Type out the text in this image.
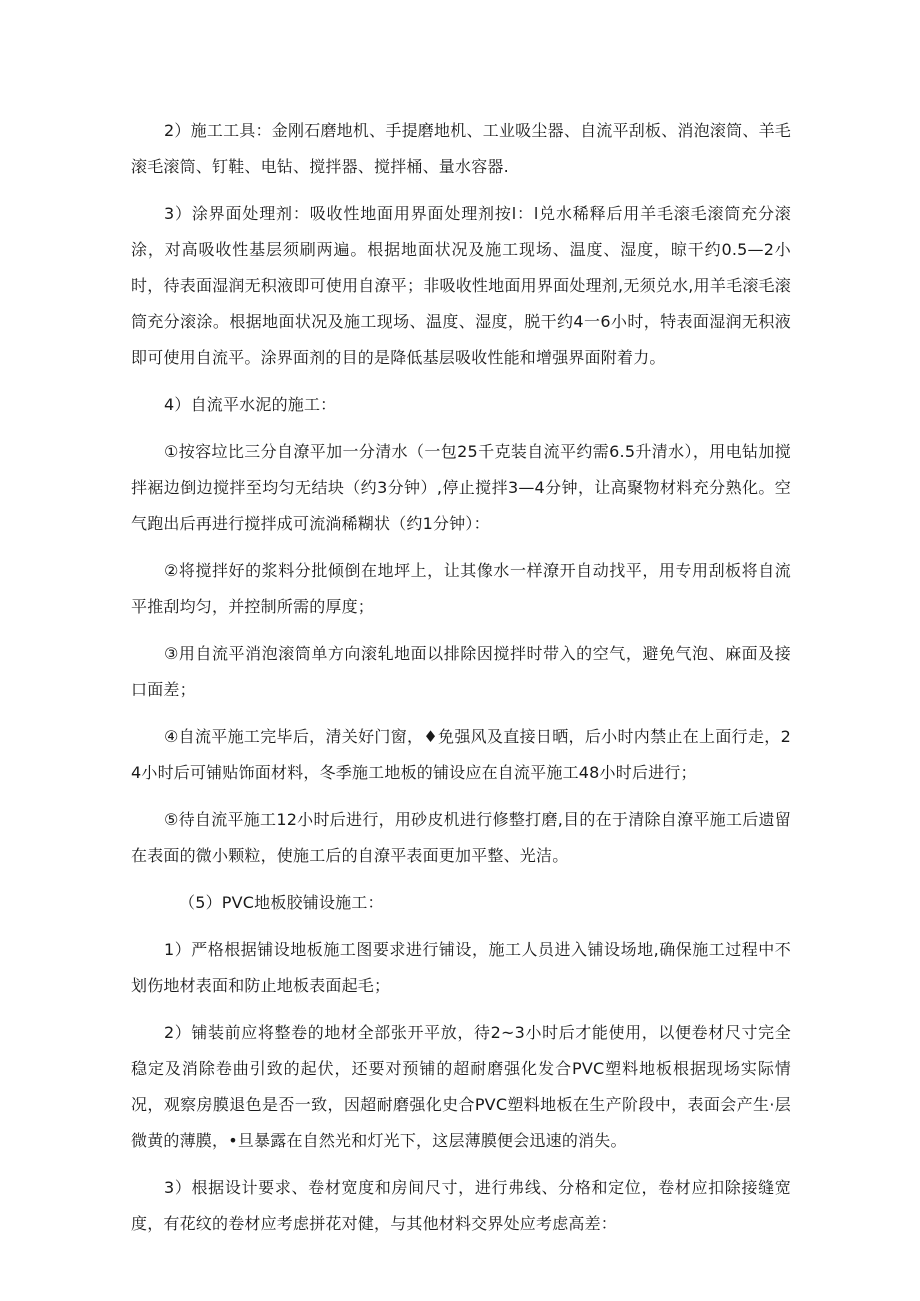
2）施工工具：金刚石磨地机、手提磨地机、工业吸尘器、自流平刮板、消泡滚筒、羊毛滚毛滚筒、钉鞋、电钻、搅拌器、搅拌桶、量水容器.

3）涂界面处理剂：吸收性地面用界面处理剂按l：l兑水稀释后用羊毛滚毛滚筒充分滚涂，对高吸收性基层须刷两遍。根据地面状况及施工现场、温度、湿度，晾干约0.5—2小时，待表面湿润无积液即可使用自潦平；非吸收性地面用界面处理剂,无须兑水,用羊毛滚毛滚筒充分滚涂。根据地面状况及施工现场、温度、湿度，脱干约4一6小时，特表面湿润无积液即可使用自流平。涂界面剂的目的是降低基层吸收性能和增强界面附着力。

4）自流平水泥的施工：

①按容垃比三分自潦平加一分清水（一包25千克装自流平约需6.5升清水），用电钻加搅拌裾边倒边搅拌至均匀无结块（约3分钟）,停止搅拌3—4分钟，让高聚物材料充分熟化。空气跑出后再进行搅拌成可流淌稀糊状（约1分钟）：

②将搅拌好的浆料分批倾倒在地坪上，让其像水一样潦开自动找平，用专用刮板将自流平推刮均匀，并控制所需的厚度；

③用自流平消泡滚筒单方向滚轧地面以排除因搅拌时带入的空气，避免气泡、麻面及接口面差；

④自流平施工完毕后，清关好门窗，♦免强风及直接日晒，后小时内禁止在上面行走，24小时后可铺贴饰面材料，冬季施工地板的铺设应在自流平施工48小时后进行；

⑤待自流平施工12小时后进行，用砂皮机进行修整打磨,目的在于清除自潦平施工后遗留在表面的微小颗粒，使施工后的自潦平表面更加平整、光洁。

（5）PVC地板胶铺设施工：

1）严格根据铺设地板施工图要求进行铺设，施工人员进入铺设场地,确保施工过程中不划伤地材表面和防止地板表面起毛；

2）铺装前应将整卷的地材全部张开平放，待2~3小时后才能使用，以便卷材尺寸完全稳定及消除卷曲引致的起伏，还要对预铺的超耐磨强化发合PVC塑料地板根据现场实际情况，观察房膜退色是否一致，因超耐磨强化史合PVC塑料地板在生产阶段中，表面会产生·层微黄的薄膜，•旦暴露在自然光和灯光下，这层薄膜便会迅速的消失。

3）根据设计要求、卷材宽度和房间尺寸，进行弗线、分格和定位，卷材应扣除接缝宽度，有花纹的卷材应考虑拼花对健，与其他材料交界处应考虑高差：
